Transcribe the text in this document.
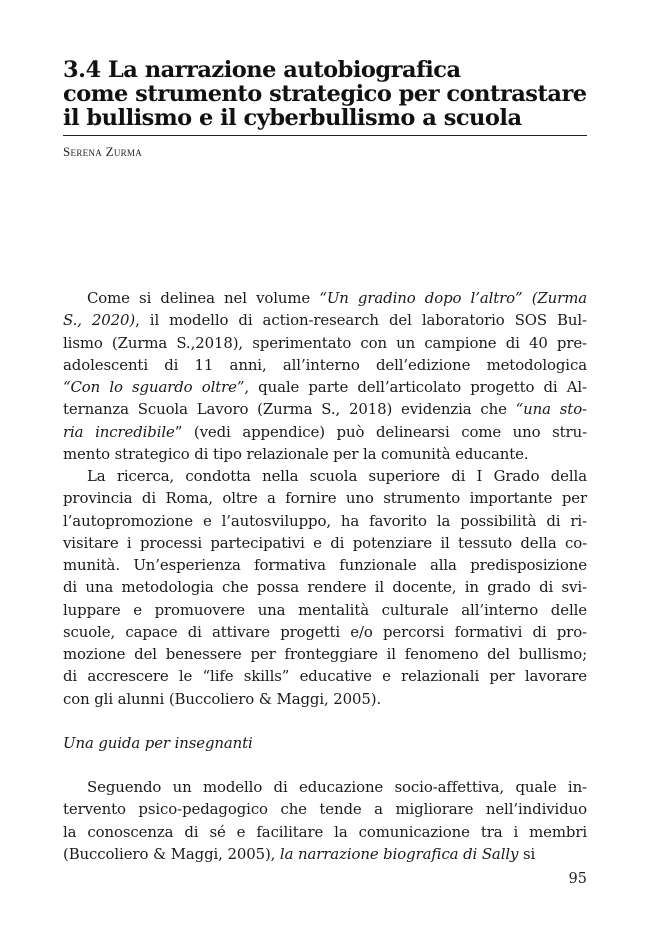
3.4 La narrazione autobiografica
come strumento strategico per contrastare
il bullismo e il cyberbullismo a scuola
Serena Zurma
Come si delinea nel volume “Un gradino dopo l’altro” (Zurma
S., 2020), il modello di action-research del laboratorio SOS Bul-
lismo (Zurma S.,2018), sperimentato con un campione di 40 pre-
adolescenti di 11 anni, all’interno dell’edizione metodologica
“Con lo sguardo oltre”, quale parte dell’articolato progetto di Al-
ternanza Scuola Lavoro (Zurma S., 2018) evidenzia che “una sto-
ria incredibile” (vedi appendice) può delinearsi come uno stru-
mento strategico di tipo relazionale per la comunità educante.
La ricerca, condotta nella scuola superiore di I Grado della
provincia di Roma, oltre a fornire uno strumento importante per
l’autopromozione e l’autosviluppo, ha favorito la possibilità di ri-
visitare i processi partecipativi e di potenziare il tessuto della co-
munità. Un’esperienza formativa funzionale alla predisposizione
di una metodologia che possa rendere il docente, in grado di svi-
luppare e promuovere una mentalità culturale all’interno delle
scuole, capace di attivare progetti e/o percorsi formativi di pro-
mozione del benessere per fronteggiare il fenomeno del bullismo;
di accrescere le “life skills” educative e relazionali per lavorare
con gli alunni (Buccoliero & Maggi, 2005).
Una guida per insegnanti
Seguendo un modello di educazione socio-affettiva, quale in-
tervento psico-pedagogico che tende a migliorare nell’individuo
la conoscenza di sé e facilitare la comunicazione tra i membri
(Buccoliero & Maggi, 2005), la narrazione biografica di Sally si
95
